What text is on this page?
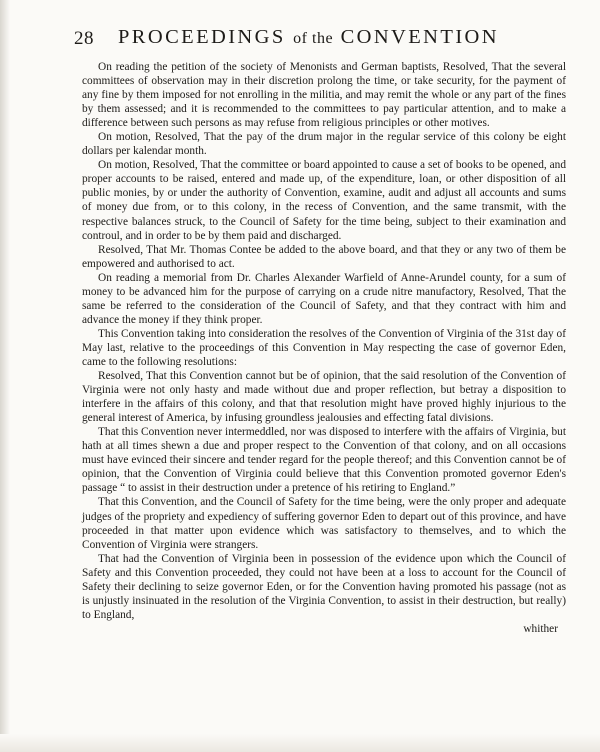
28 PROCEEDINGS of the CONVENTION

On reading the petition of the society of Menonists and German baptists, Resolved, That the several committees of observation may in their discretion prolong the time, or take security, for the payment of any fine by them imposed for not enrolling in the militia, and may remit the whole or any part of the fines by them assessed; and it is recommended to the committees to pay particular attention, and to make a difference between such persons as may refuse from religious principles or other motives.

On motion, Resolved, That the pay of the drum major in the regular service of this colony be eight dollars per kalendar month.

On motion, Resolved, That the committee or board appointed to cause a set of books to be opened, and proper accounts to be raised, entered and made up, of the expenditure, loan, or other disposition of all public monies, by or under the authority of Convention, examine, audit and adjust all accounts and sums of money due from, or to this colony, in the recess of Convention, and the same transmit, with the respective balances struck, to the Council of Safety for the time being, subject to their examination and controul, and in order to be by them paid and discharged.

Resolved, That Mr. Thomas Contee be added to the above board, and that they or any two of them be empowered and authorised to act.

On reading a memorial from Dr. Charles Alexander Warfield of Anne-Arundel county, for a sum of money to be advanced him for the purpose of carrying on a crude nitre manufactory, Resolved, That the same be referred to the consideration of the Council of Safety, and that they contract with him and advance the money if they think proper.

This Convention taking into consideration the resolves of the Convention of Virginia of the 31st day of May last, relative to the proceedings of this Convention in May respecting the case of governor Eden, came to the following resolutions:

Resolved, That this Convention cannot but be of opinion, that the said resolution of the Convention of Virginia were not only hasty and made without due and proper reflection, but betray a disposition to interfere in the affairs of this colony, and that that resolution might have proved highly injurious to the general interest of America, by infusing groundless jealousies and effecting fatal divisions.

That this Convention never intermeddled, nor was disposed to interfere with the affairs of Virginia, but hath at all times shewn a due and proper respect to the Convention of that colony, and on all occasions must have evinced their sincere and tender regard for the people thereof; and this Convention cannot be of opinion, that the Convention of Virginia could believe that this Convention promoted governor Eden's passage “ to assist in their destruction under a pretence of his retiring to England.”

That this Convention, and the Council of Safety for the time being, were the only proper and adequate judges of the propriety and expediency of suffering governor Eden to depart out of this province, and have proceeded in that matter upon evidence which was satisfactory to themselves, and to which the Convention of Virginia were strangers.

That had the Convention of Virginia been in possession of the evidence upon which the Council of Safety and this Convention proceeded, they could not have been at a loss to account for the Council of Safety their declining to seize governor Eden, or for the Convention having promoted his passage (not as is unjustly insinuated in the resolution of the Virginia Convention, to assist in their destruction, but really) to England,

whither
